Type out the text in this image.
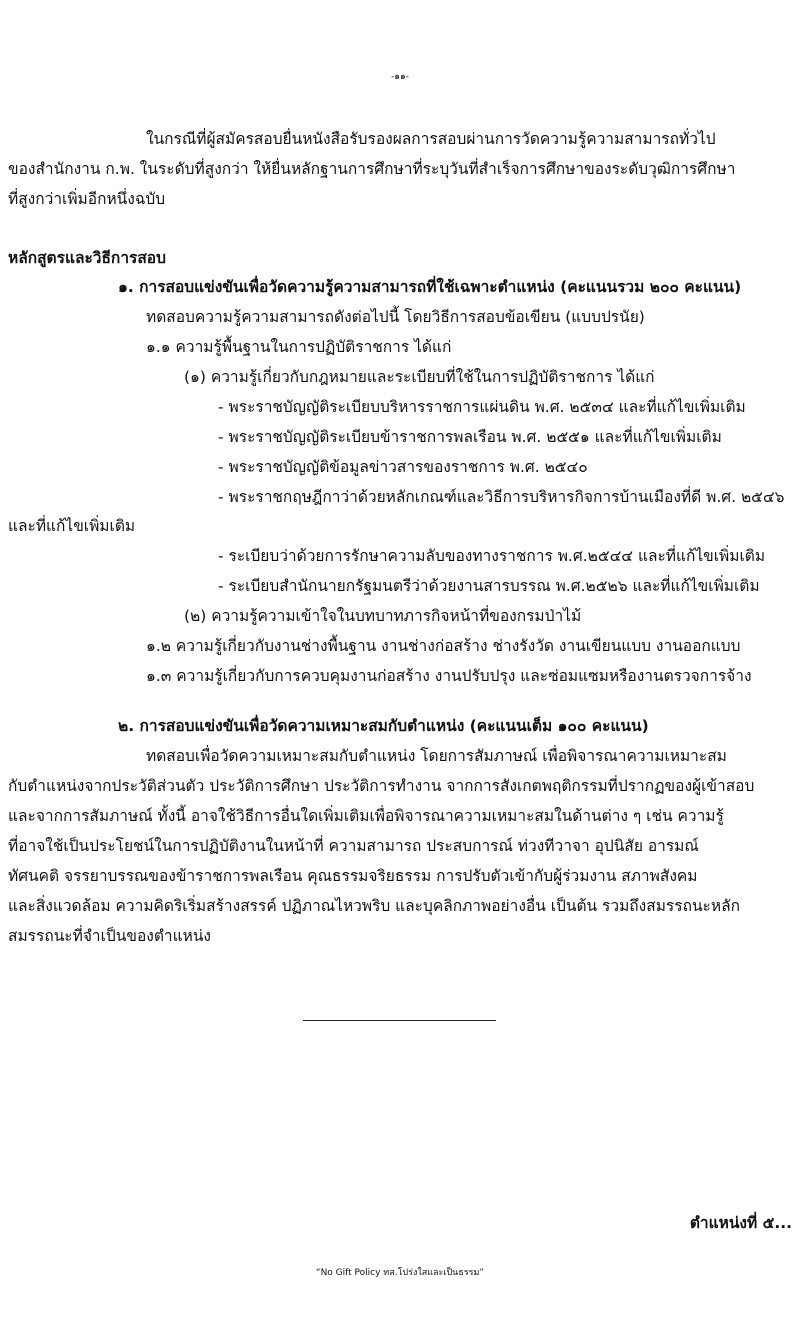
-๑๑-
ในกรณีที่ผู้สมัครสอบยื่นหนังสือรับรองผลการสอบผ่านการวัดความรู้ความสามารถทั่วไป
ของสำนักงาน ก.พ. ในระดับที่สูงกว่า ให้ยื่นหลักฐานการศึกษาที่ระบุวันที่สำเร็จการศึกษาของระดับวุฒิการศึกษา
ที่สูงกว่าเพิ่มอีกหนึ่งฉบับ
หลักสูตรและวิธีการสอบ
๑. การสอบแข่งขันเพื่อวัดความรู้ความสามารถที่ใช้เฉพาะตำแหน่ง (คะแนนรวม ๒๐๐ คะแนน)
ทดสอบความรู้ความสามารถดังต่อไปนี้ โดยวิธีการสอบข้อเขียน (แบบปรนัย)
๑.๑ ความรู้พื้นฐานในการปฏิบัติราชการ ได้แก่
(๑) ความรู้เกี่ยวกับกฎหมายและระเบียบที่ใช้ในการปฏิบัติราชการ ได้แก่
- พระราชบัญญัติระเบียบบริหารราชการแผ่นดิน พ.ศ. ๒๕๓๔ และที่แก้ไขเพิ่มเติม
- พระราชบัญญัติระเบียบข้าราชการพลเรือน พ.ศ. ๒๕๕๑ และที่แก้ไขเพิ่มเติม
- พระราชบัญญัติข้อมูลข่าวสารของราชการ พ.ศ. ๒๕๔๐
- พระราชกฤษฎีกาว่าด้วยหลักเกณฑ์และวิธีการบริหารกิจการบ้านเมืองที่ดี พ.ศ. ๒๕๔๖
และที่แก้ไขเพิ่มเติม
- ระเบียบว่าด้วยการรักษาความลับของทางราชการ พ.ศ.๒๕๔๔ และที่แก้ไขเพิ่มเติม
- ระเบียบสำนักนายกรัฐมนตรีว่าด้วยงานสารบรรณ พ.ศ.๒๕๒๖ และที่แก้ไขเพิ่มเติม
(๒) ความรู้ความเข้าใจในบทบาทภารกิจหน้าที่ของกรมป่าไม้
๑.๒ ความรู้เกี่ยวกับงานช่างพื้นฐาน งานช่างก่อสร้าง ช่างรังวัด งานเขียนแบบ งานออกแบบ
๑.๓ ความรู้เกี่ยวกับการควบคุมงานก่อสร้าง งานปรับปรุง และซ่อมแซมหรืองานตรวจการจ้าง
๒. การสอบแข่งขันเพื่อวัดความเหมาะสมกับตำแหน่ง (คะแนนเต็ม ๑๐๐ คะแนน)
ทดสอบเพื่อวัดความเหมาะสมกับตำแหน่ง โดยการสัมภาษณ์ เพื่อพิจารณาความเหมาะสม
กับตำแหน่งจากประวัติส่วนตัว ประวัติการศึกษา ประวัติการทำงาน จากการสังเกตพฤติกรรมที่ปรากฏของผู้เข้าสอบ
และจากการสัมภาษณ์ ทั้งนี้ อาจใช้วิธีการอื่นใดเพิ่มเติมเพื่อพิจารณาความเหมาะสมในด้านต่าง ๆ เช่น ความรู้
ที่อาจใช้เป็นประโยชน์ในการปฏิบัติงานในหน้าที่ ความสามารถ ประสบการณ์ ท่วงทีวาจา อุปนิสัย อารมณ์
ทัศนคติ จรรยาบรรณของข้าราชการพลเรือน คุณธรรมจริยธรรม การปรับตัวเข้ากับผู้ร่วมงาน สภาพสังคม
และสิ่งแวดล้อม ความคิดริเริ่มสร้างสรรค์ ปฏิภาณไหวพริบ และบุคลิกภาพอย่างอื่น เป็นต้น รวมถึงสมรรถนะหลัก
สมรรถนะที่จำเป็นของตำแหน่ง
ตำแหน่งที่ ๕...
“No Gift Policy ทส.โปร่งใสและเป็นธรรม”
